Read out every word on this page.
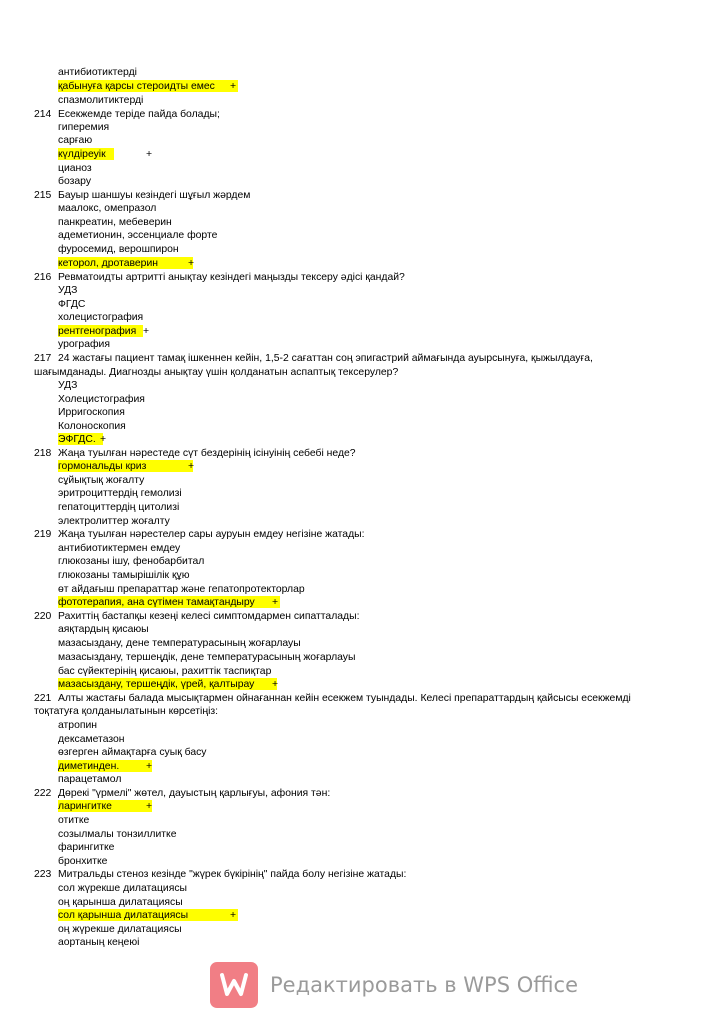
антибиотиктерді
қабынуға қарсы стероидты емес +
спазмолитиктерді
214 Есекжемде теріде пайда болады;
гиперемия
сарғаю
күлдіреуік	+
цианоз
бозару
215 Бауыр шаншуы кезіндегі шұғыл жәрдем
маалокс, омепразол
панкреатин, мебеверин
адеметионин, эссенциале форте
фуросемид, верошпирон
кеторол, дротаверин	+
216 Ревматоидты артритті анықтау кезіндегі маңызды тексеру әдісі қандай?
УДЗ
ФГДС
холецистография
рентгенография +
урография
217 24 жастағы пациент тамақ ішкеннен кейін, 1,5-2 сағаттан соң эпигастрий аймағында ауырсынуға, қыжылдауға,
шағымданады. Диагнозды анықтау үшін қолданатын аспаптық тексерулер?
УДЗ
Холецистография
Ирригоскопия
Колоноскопия
ЭФГДС. +
218 Жаңа туылған нәрестеде сүт бездерінің ісінуінің себебі неде?
гормональды криз	+
сұйықтық жоғалту
эритроциттердің гемолизі
гепатоциттердің цитолизі
электролиттер жоғалту
219 Жаңа туылған нәрестелер сары ауруын емдеу негізіне жатады:
антибиотиктермен емдеу
глюкозаны ішу, фенобарбитал
глюкозаны тамырішілік құю
өт айдағыш препараттар және гепатопротекторлар
фототерапия, ана сүтімен тамақтандыру +
220 Рахиттің бастапқы кезеңі келесі симптомдармен сипатталады:
аяқтардың қисаюы
мазасыздану, дене температурасының жоғарлауы
мазасыздану, тершеңдік, дене температурасының жоғарлауы
бас сүйектерінің қисаюы, рахиттік таспиқтар
мазасыздану, тершеңдік, үрей, қалтырау +
221 Алты жастағы балада мысықтармен ойнағаннан кейін есекжем туындады. Келесі препараттардың қайсысы есекжемді
тоқтатуға қолданылатынын көрсетіңіз:
атропин
дексаметазон
өзгерген аймақтарға суық басу
диметинден.	+
парацетамол
222 Дөрекі "үрмелі" жөтел, дауыстың қарлығуы, афония тән:
ларингитке	+
отитке
созылмалы тонзиллитке
фарингитке
бронхитке
223 Митральды стеноз кезінде "жүрек бүкірінің" пайда болу негізіне жатады:
сол жүрекше дилатациясы
оң қарынша дилатациясы
сол қарынша дилатациясы	+
оң жүрекше дилатациясы
аортаның кеңеюі
Редактировать в WPS Office
